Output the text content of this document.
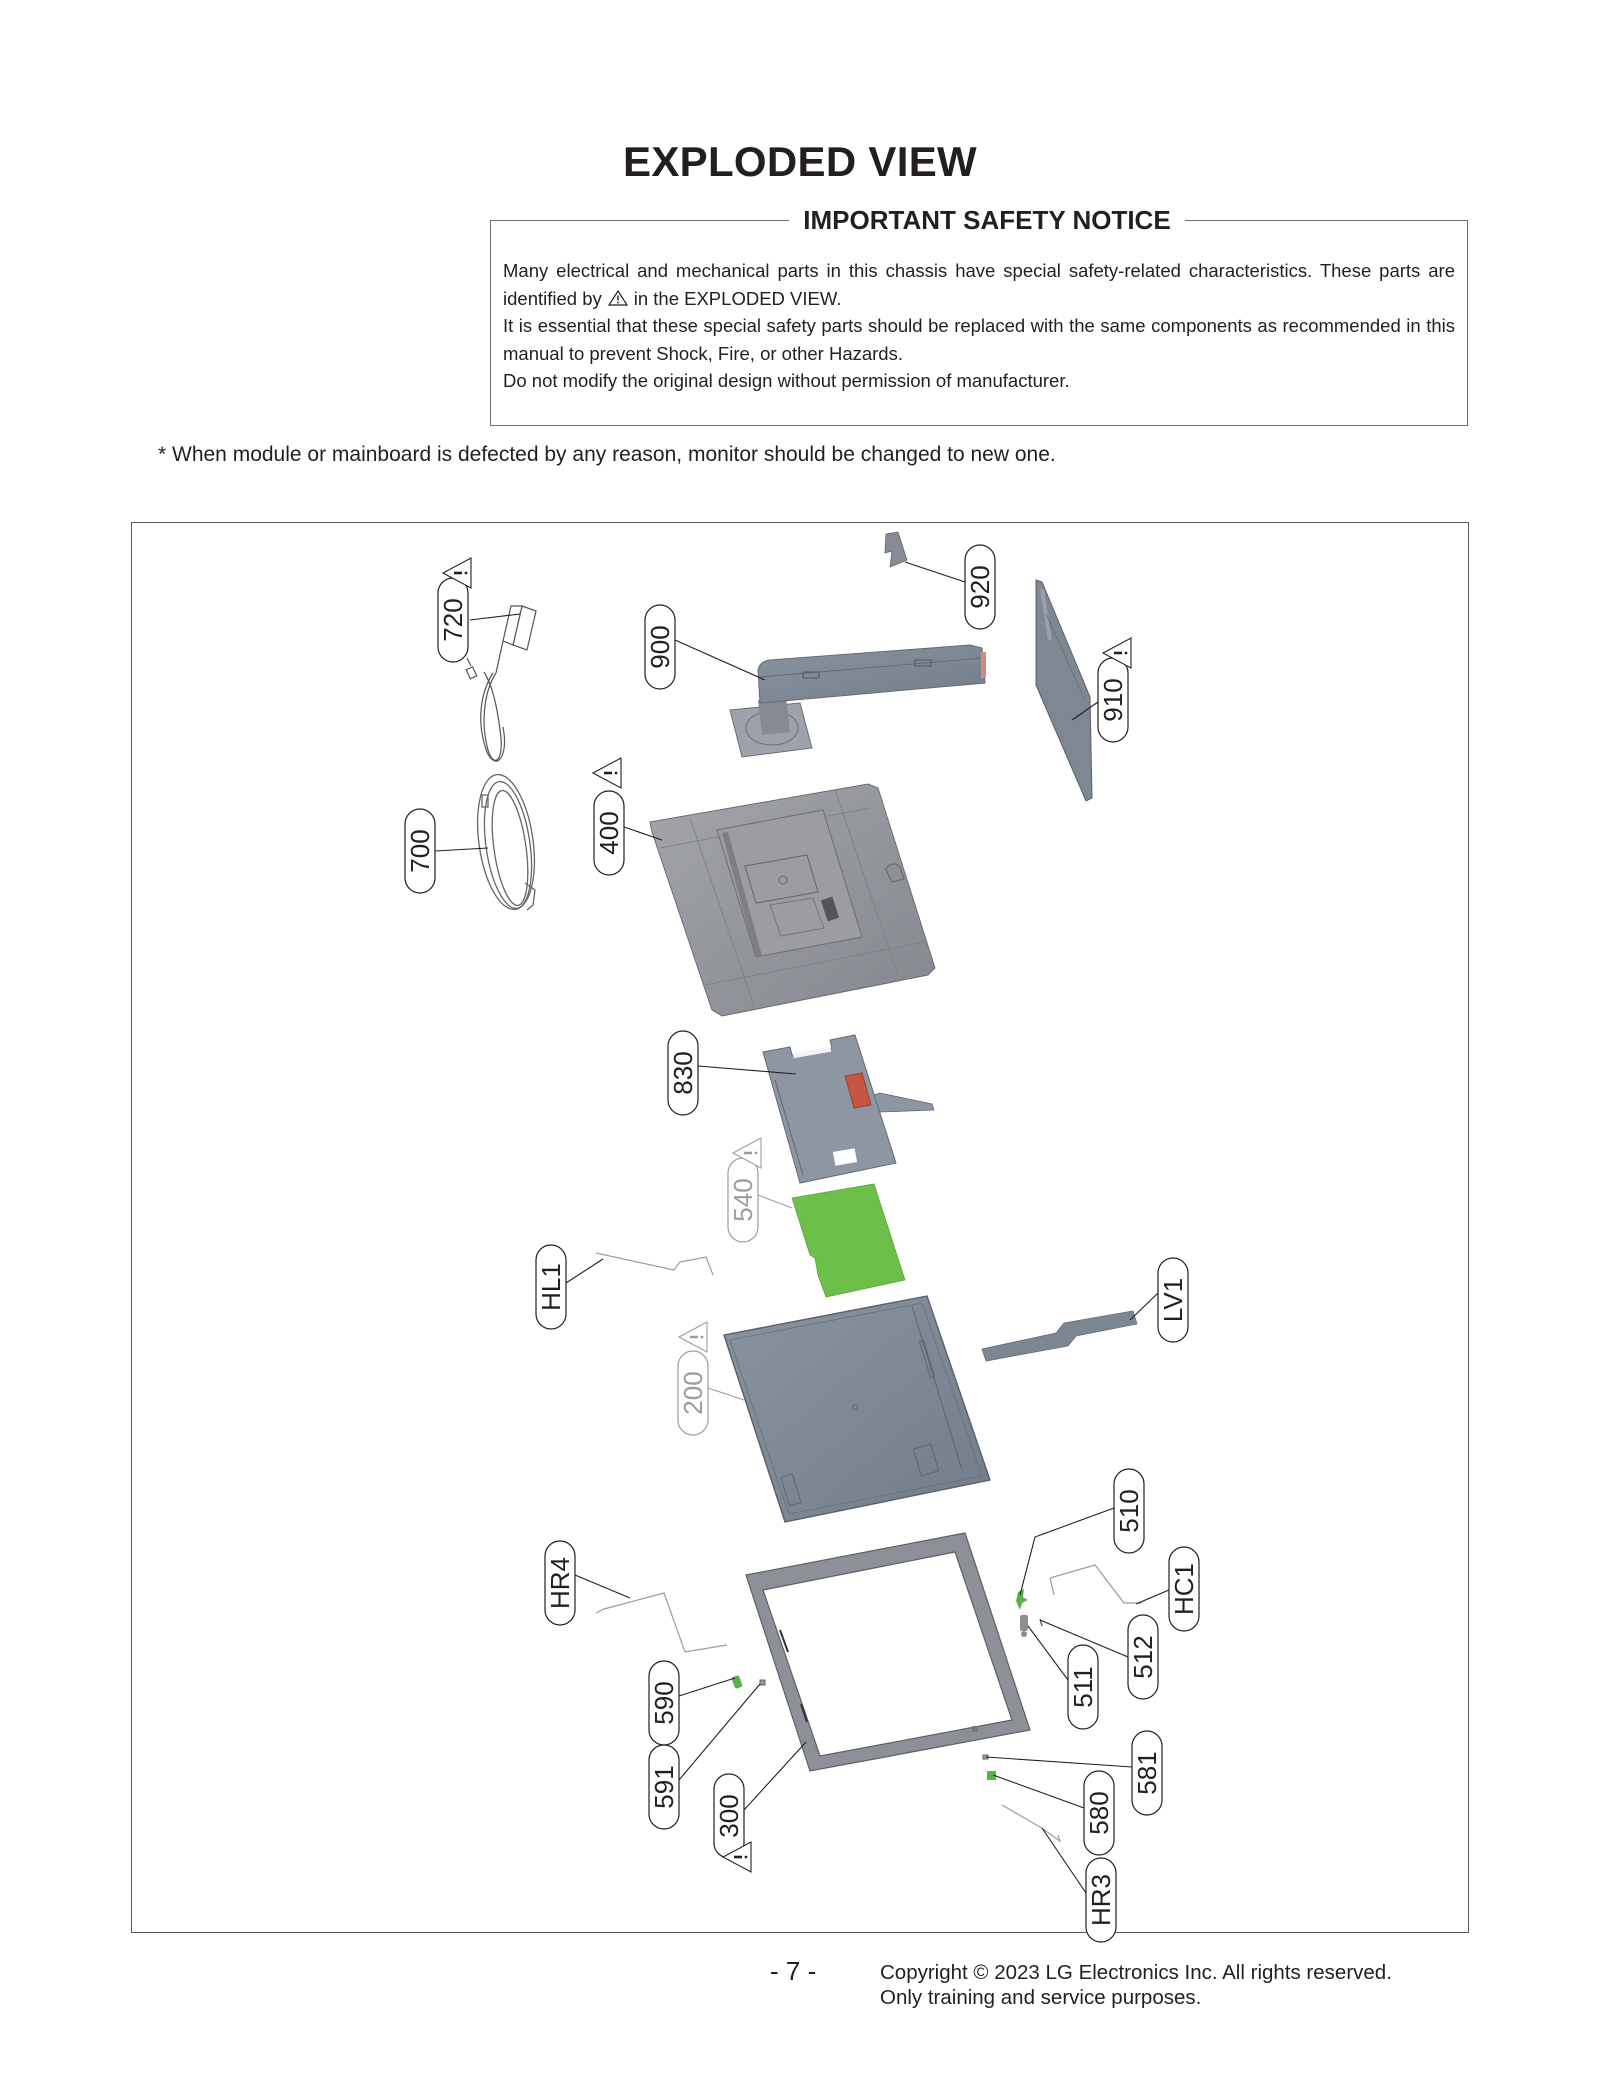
EXPLODED VIEW
IMPORTANT SAFETY NOTICE

Many electrical and mechanical parts in this chassis have special safety-related characteristics. These parts are identified by in the EXPLODED VIEW.

It is essential that these special safety parts should be replaced with the same components as recommended in this manual to prevent Shock, Fire, or other Hazards.

Do not modify the original design without permission of manufacturer.

* When module or mainboard is defected by any reason, monitor should be changed to new one.
720
900
920
910
700	400
830
540
HL1	LV1
200
510
HR4	HC1
512
511
590
581
591
580
300
HR3
- 7 -	Copyright © 2023 LG Electronics Inc. All rights reserved.
Only training and service purposes.
